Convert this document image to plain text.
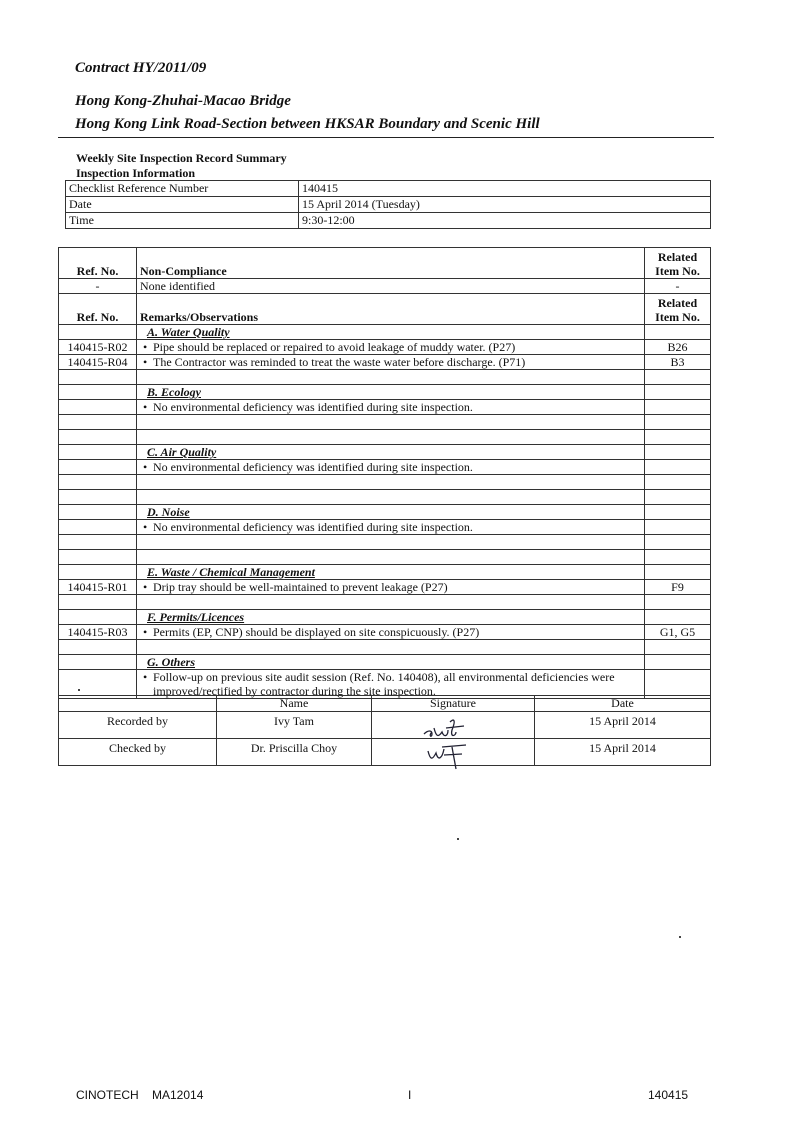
Contract HY/2011/09
Hong Kong-Zhuhai-Macao Bridge
Hong Kong Link Road-Section between HKSAR Boundary and Scenic Hill
Weekly Site Inspection Record Summary
Inspection Information
Checklist Reference Number	140415
Date	15 April 2014 (Tuesday)
Time	9:30-12:00
Ref. No.	Non-Compliance	Related
Item No.
-	None identified	-
Ref. No.	Remarks/Observations	Related
Item No.
	A. Water Quality	
140415-R02	• Pipe should be replaced or repaired to avoid leakage of muddy water. (P27)	B26
140415-R04	• The Contractor was reminded to treat the waste water before discharge. (P71)	B3

	B. Ecology	
	• No environmental deficiency was identified during site inspection.	

	C. Air Quality	
	• No environmental deficiency was identified during site inspection.	

	D. Noise	
	• No environmental deficiency was identified during site inspection.	

	E. Waste / Chemical Management	
140415-R01	• Drip tray should be well-maintained to prevent leakage (P27)	F9

	F. Permits/Licences	
140415-R03	• Permits (EP, CNP) should be displayed on site conspicuously. (P27)	G1, G5

	G. Others	

	• Follow-up on previous site audit session (Ref. No. 140408), all environmental deficiencies were improved/rectified by contractor during the site inspection.	

	Name	Signature	Date
Recorded by	Ivy Tam		15 April 2014
Checked by	Dr. Priscilla Choy		15 April 2014
CINOTECH MA12014	I	140415
